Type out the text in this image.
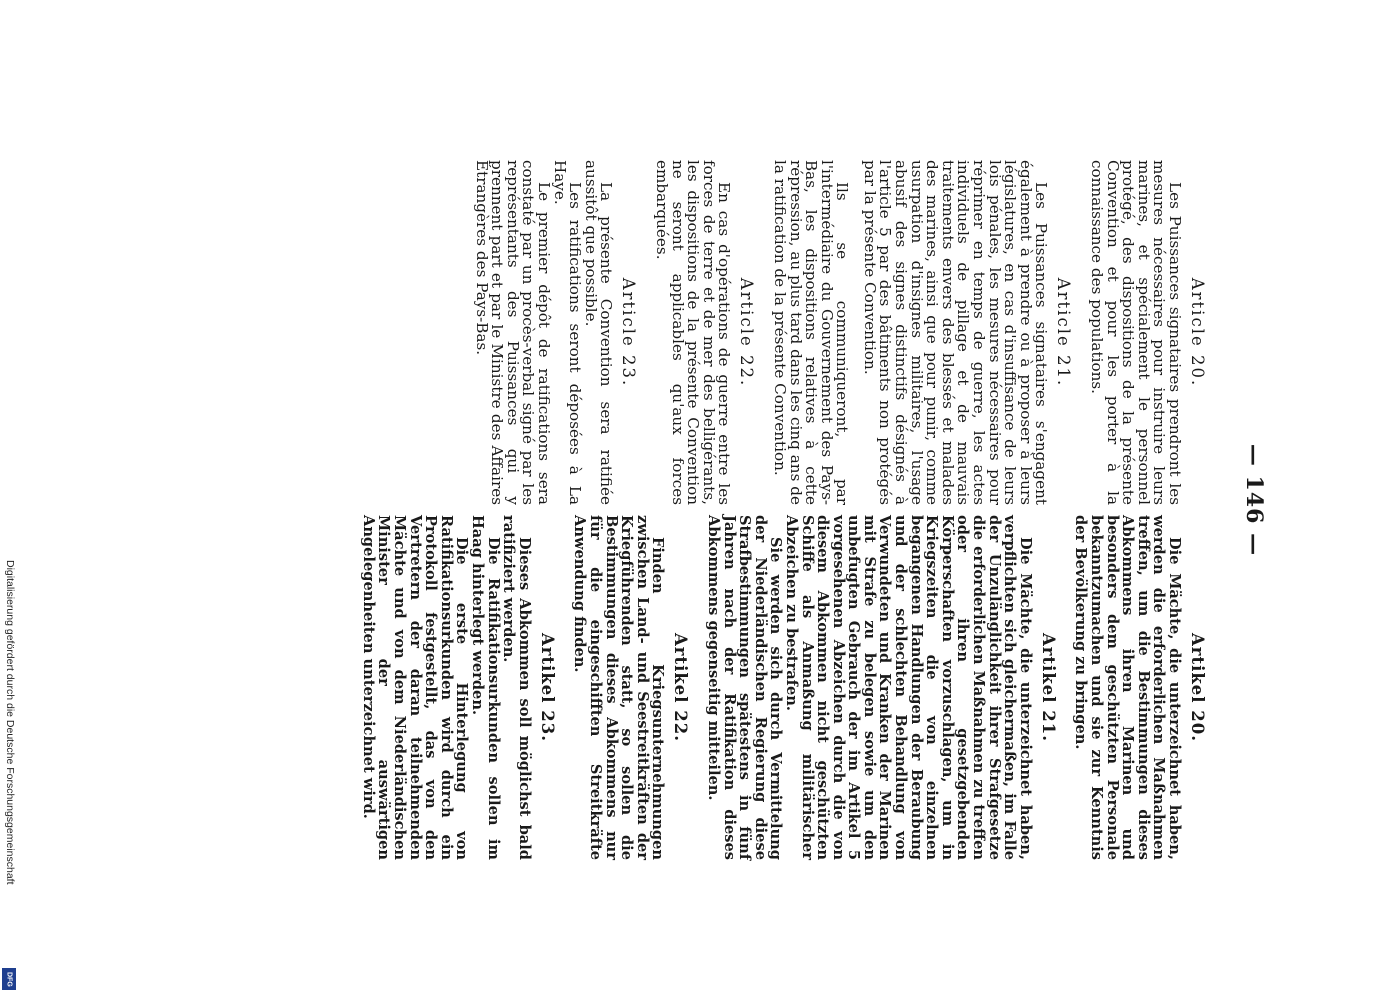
— 146 —
Article 20.

Les Puissances signataires prendront les mesures nécessaires pour instruire leurs marines, et spécialement le personnel protégé, des dispositions de la présente Convention et pour les porter à la connaissance des populations.

Article 21.

Les Puissances signataires s'engagent également à prendre ou à proposer à leurs législatures, en cas d'insuffisance de leurs lois pénales, les mesures nécessaires pour réprimer en temps de guerre, les actes individuels de pillage et de mauvais traitements envers des blessés et malades des marines, ainsi que pour punir, comme usurpation d'insignes militaires, l'usage abusif des signes distinctifs désignés à l'article 5 par des bâtiments non protégés par la présente Convention.

Ils se communiqueront, par l'intermédiaire du Gouvernement des Pays-Bas, les dispositions relatives à cette répression, au plus tard dans les cinq ans de la ratification de la présente Convention.

Article 22.

En cas d'opérations de guerre entre les forces de terre et de mer des belligérants, les dispositions de la présente Convention ne seront applicables qu'aux forces embarquées.

Article 23.

La présente Convention sera ratifiée aussitôt que possible.

Les ratifications seront déposées à La Haye.

Le premier dépôt de ratifications sera constaté par un procès-verbal signé par les représentants des Puissances qui y prennent part et par le Ministre des Affaires Étrangères des Pays-Bas.

Artikel 20.

Die Mächte, die unterzeichnet haben, werden die erforderlichen Maßnahmen treffen, um die Bestimmungen dieses Abkommens ihren Marinen und besonders dem geschützten Personale bekanntzumachen und sie zur Kenntnis der Bevölkerung zu bringen.

Artikel 21.

Die Mächte, die unterzeichnet haben, verpflichten sich gleichermaßen, im Falle der Unzulänglichkeit ihrer Strafgesetze die erforderlichen Maßnahmen zu treffen oder ihren gesetzgebenden Körperschaften vorzuschlagen, um in Kriegszeiten die von einzelnen begangenen Handlungen der Beraubung und der schlechten Behandlung von Verwundeten und Kranken der Marinen mit Strafe zu belegen sowie um den unbefugten Gebrauch der im Artikel 5 vorgesehenen Abzeichen durch die von diesem Abkommen nicht geschützten Schiffe als Anmaßung militärischer Abzeichen zu bestrafen.

Sie werden sich durch Vermittelung der Niederländischen Regierung diese Strafbestimmungen spätestens in fünf Jahren nach der Ratifikation dieses Abkommens gegenseitig mitteilen.

Artikel 22.

Finden Kriegsunternehmungen zwischen Land- und Seestreitkräften der Kriegführenden statt, so sollen die Bestimmungen dieses Abkommens nur für die eingeschifften Streitkräfte Anwendung finden.

Artikel 23.

Dieses Abkommen soll möglichst bald ratifiziert werden.

Die Ratifikationsurkunden sollen im Haag hinterlegt werden.

Die erste Hinterlegung von Ratifikationsurkunden wird durch ein Protokoll festgestellt, das von den Vertretern der daran teilnehmenden Mächte und von dem Niederländischen Minister der auswärtigen Angelegenheiten unterzeichnet wird.

Digitalisierung gefördert durch die Deutsche Forschungsgemeinschaft
DFG
